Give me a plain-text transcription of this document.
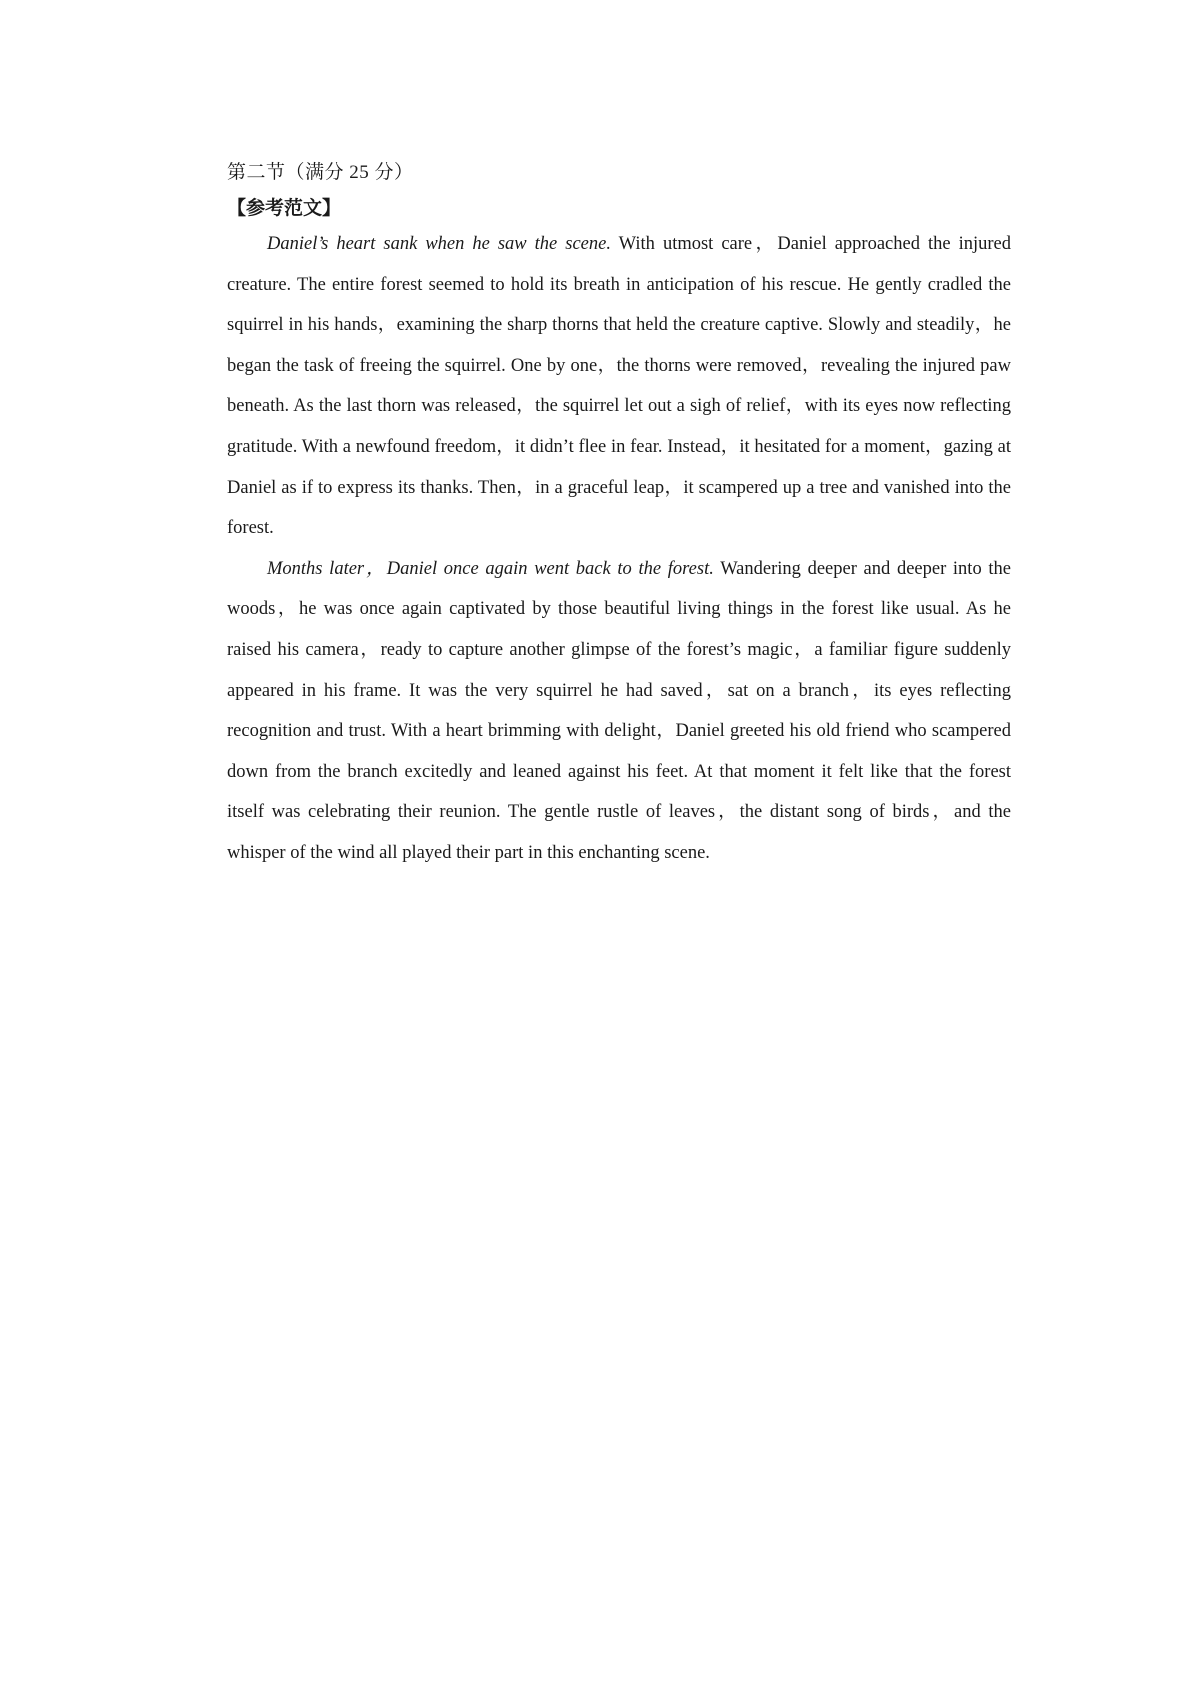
第二节（满分 25 分）

【参考范文】

Daniel’s heart sank when he saw the scene. With utmost care，Daniel approached the injured creature. The entire forest seemed to hold its breath in anticipation of his rescue. He gently cradled the squirrel in his hands，examining the sharp thorns that held the creature captive. Slowly and steadily，he began the task of freeing the squirrel. One by one，the thorns were removed，revealing the injured paw beneath. As the last thorn was released，the squirrel let out a sigh of relief，with its eyes now reflecting gratitude. With a newfound freedom，it didn’t flee in fear. Instead，it hesitated for a moment，gazing at Daniel as if to express its thanks. Then，in a graceful leap，it scampered up a tree and vanished into the forest.

Months later，Daniel once again went back to the forest. Wandering deeper and deeper into the woods，he was once again captivated by those beautiful living things in the forest like usual. As he raised his camera，ready to capture another glimpse of the forest’s magic，a familiar figure suddenly appeared in his frame. It was the very squirrel he had saved，sat on a branch，its eyes reflecting recognition and trust. With a heart brimming with delight，Daniel greeted his old friend who scampered down from the branch excitedly and leaned against his feet. At that moment it felt like that the forest itself was celebrating their reunion. The gentle rustle of leaves，the distant song of birds，and the whisper of the wind all played their part in this enchanting scene.
